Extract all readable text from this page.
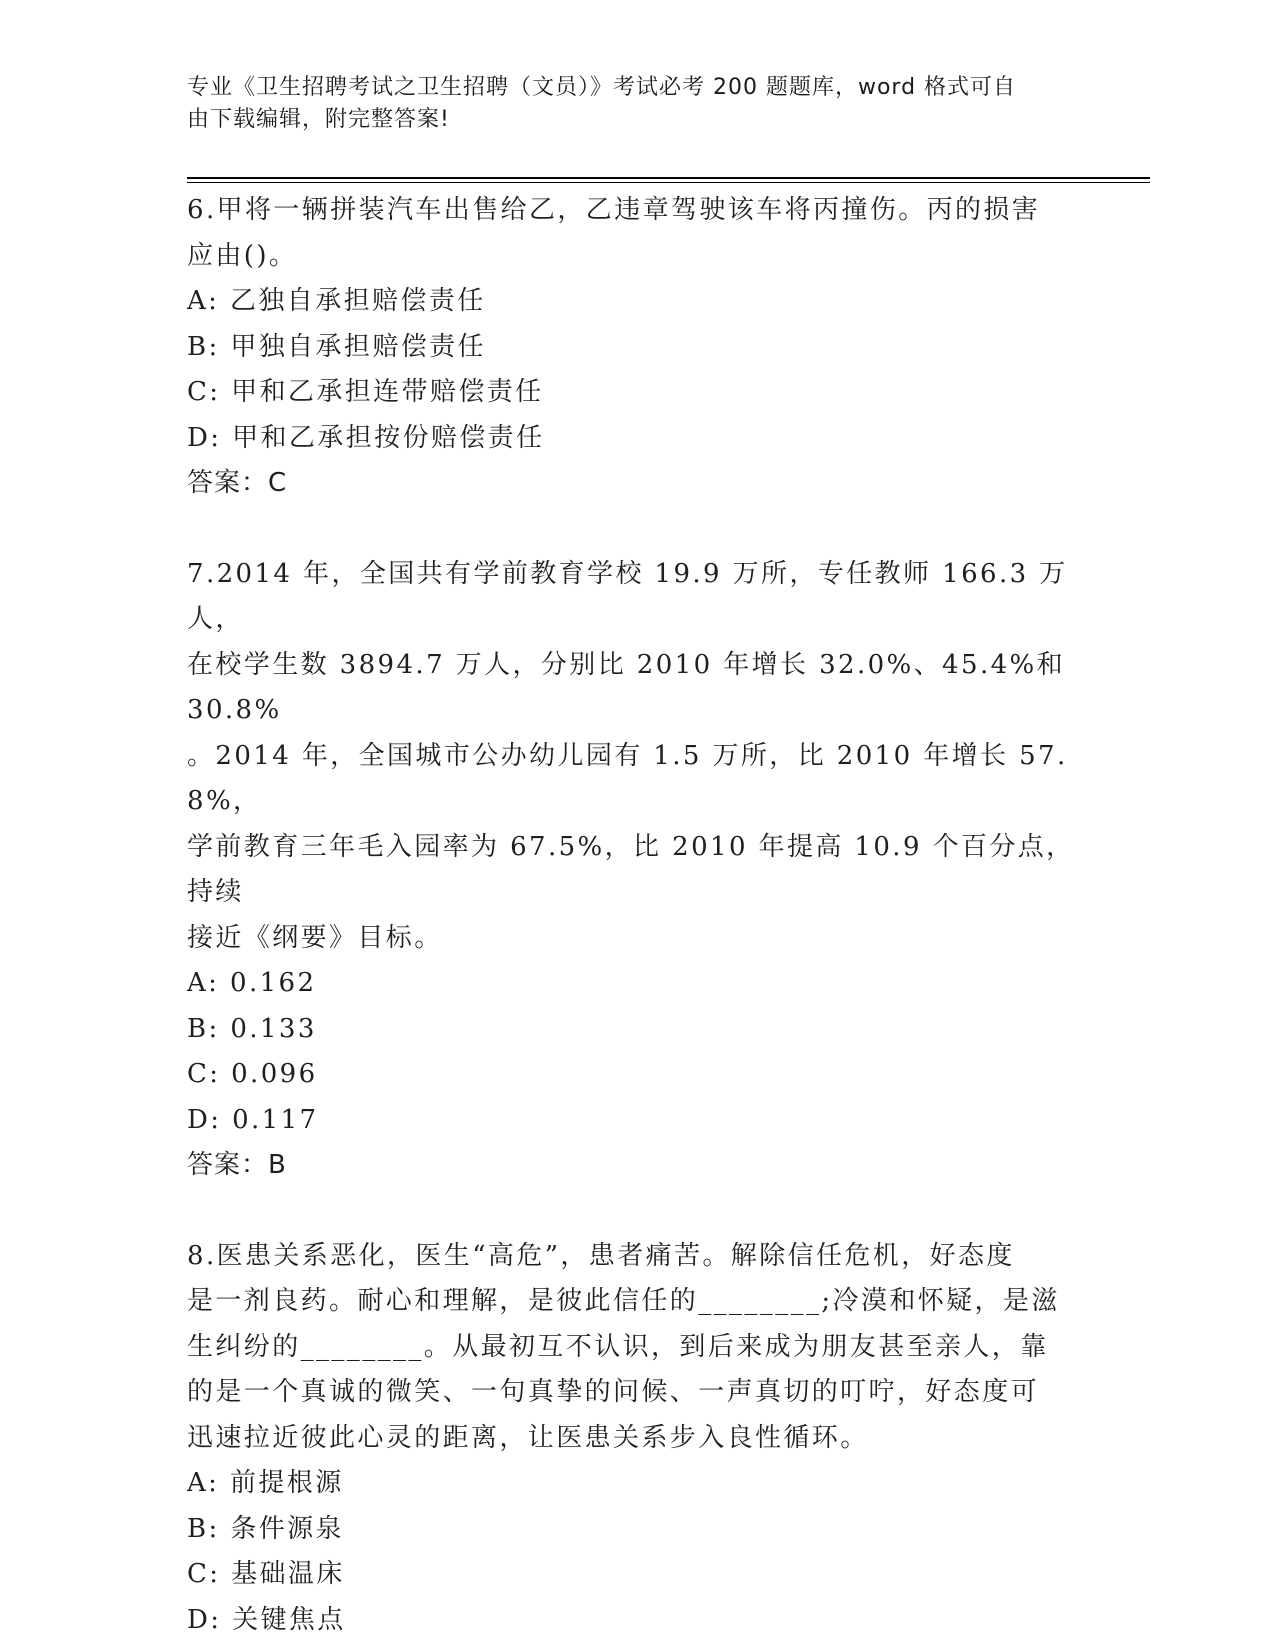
专业《卫生招聘考试之卫生招聘（文员）》考试必考 200 题题库，word 格式可自
由下载编辑，附完整答案!

6.甲将一辆拼装汽车出售给乙，乙违章驾驶该车将丙撞伤。丙的损害

应由()。

A: 乙独自承担赔偿责任

B: 甲独自承担赔偿责任

C: 甲和乙承担连带赔偿责任

D: 甲和乙承担按份赔偿责任

答案：C

7.2014 年，全国共有学前教育学校 19.9 万所，专任教师 166.3 万人，

在校学生数 3894.7 万人，分别比 2010 年增长 32.0%、45.4%和 30.8%

。2014 年，全国城市公办幼儿园有 1.5 万所，比 2010 年增长 57.8%，

学前教育三年毛入园率为 67.5%，比 2010 年提高 10.9 个百分点，持续

接近《纲要》目标。

A: 0.162

B: 0.133

C: 0.096

D: 0.117

答案：B

8.医患关系恶化，医生“高危”，患者痛苦。解除信任危机，好态度

是一剂良药。耐心和理解，是彼此信任的________;冷漠和怀疑，是滋

生纠纷的________。从最初互不认识，到后来成为朋友甚至亲人，靠

的是一个真诚的微笑、一句真挚的问候、一声真切的叮咛，好态度可

迅速拉近彼此心灵的距离，让医患关系步入良性循环。

A: 前提根源

B: 条件源泉

C: 基础温床

D: 关键焦点
